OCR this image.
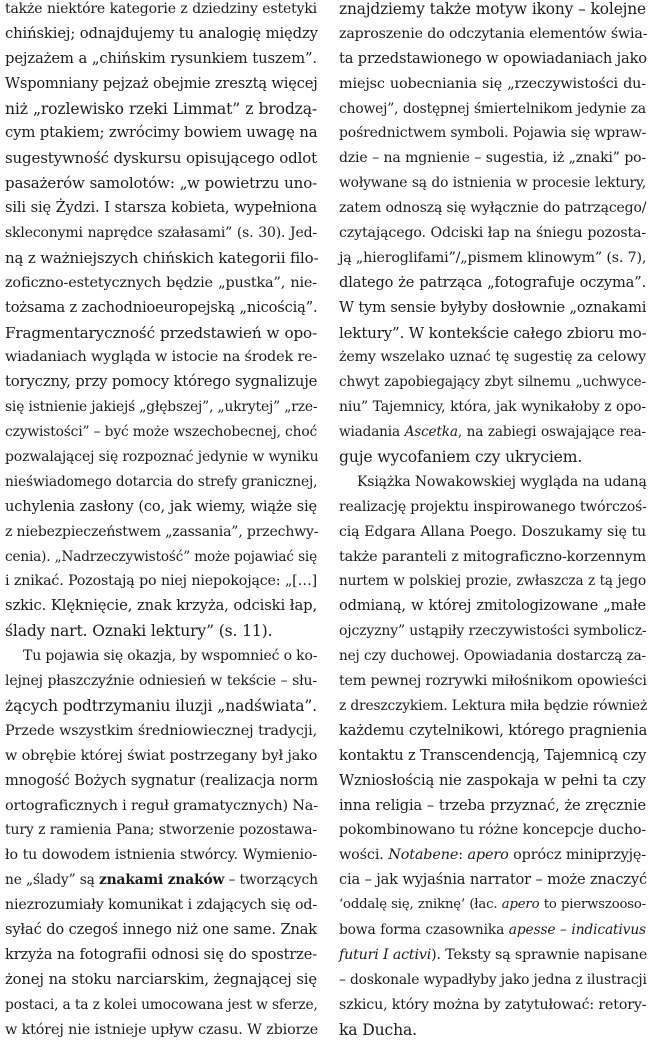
także niektóre kategorie z dziedziny estetyki
chińskiej; odnajdujemy tu analogię między
pejzażem a „chińskim rysunkiem tuszem”.
Wspomniany pejzaż obejmie zresztą więcej
niż „rozlewisko rzeki Limmat” z brodzą-
cym ptakiem; zwrócimy bowiem uwagę na
sugestywność dyskursu opisującego odlot
pasażerów samolotów: „w powietrzu uno-
sili się Żydzi. I starsza kobieta, wypełniona
skleconymi naprędce szałasami” (s. 30). Jed-
ną z ważniejszych chińskich kategorii filo-
zoficzno-estetycznych będzie „pustka”, nie-
tożsama z zachodnioeuropejską „nicością”.
Fragmentaryczność przedstawień w opo-
wiadaniach wygląda w istocie na środek re-
toryczny, przy pomocy którego sygnalizuje
się istnienie jakiejś „głębszej”, „ukrytej” „rze-
czywistości” – być może wszechobecnej, choć
pozwalającej się rozpoznać jedynie w wyniku
nieświadomego dotarcia do strefy granicznej,
uchylenia zasłony (co, jak wiemy, wiąże się
z niebezpieczeństwem „zassania”, przechwy-
cenia). „Nadrzeczywistość” może pojawiać się
i znikać. Pozostają po niej niepokojące: „[…]
szkic. Klęknięcie, znak krzyża, odciski łap,
ślady nart. Oznaki lektury” (s. 11).
Tu pojawia się okazja, by wspomnieć o ko-
lejnej płaszczyźnie odniesień w tekście – słu-
żących podtrzymaniu iluzji „nadświata”.
Przede wszystkim średniowiecznej tradycji,
w obrębie której świat postrzegany był jako
mnogość Bożych sygnatur (realizacja norm
ortograficznych i reguł gramatycznych) Na-
tury z ramienia Pana; stworzenie pozostawa-
ło tu dowodem istnienia stwórcy. Wymienio-
ne „ślady” są znakami znaków – tworzących
niezrozumiały komunikat i zdających się od-
syłać do czegoś innego niż one same. Znak
krzyża na fotografii odnosi się do spostrze-
żonej na stoku narciarskim, żegnającej się
postaci, a ta z kolei umocowana jest w sferze,
w której nie istnieje upływ czasu. W zbiorze
znajdziemy także motyw ikony – kolejne
zaproszenie do odczytania elementów świa-
ta przedstawionego w opowiadaniach jako
miejsc uobecniania się „rzeczywistości du-
chowej”, dostępnej śmiertelnikom jedynie za
pośrednictwem symboli. Pojawia się wpraw-
dzie – na mgnienie – sugestia, iż „znaki” po-
woływane są do istnienia w procesie lektury,
zatem odnoszą się wyłącznie do patrzącego/
czytającego. Odciski łap na śniegu pozosta-
ją „hieroglifami”/„pismem klinowym” (s. 7),
dlatego że patrząca „fotografuje oczyma”.
W tym sensie byłyby dosłownie „oznakami
lektury”. W kontekście całego zbioru mo-
żemy wszelako uznać tę sugestię za celowy
chwyt zapobiegający zbyt silnemu „uchwyce-
niu” Tajemnicy, która, jak wynikałoby z opo-
wiadania Ascetka, na zabiegi oswajające rea-
guje wycofaniem czy ukryciem.
Książka Nowakowskiej wygląda na udaną
realizację projektu inspirowanego twórczoś-
cią Edgara Allana Poego. Doszukamy się tu
także paranteli z mitograficzno-korzennym
nurtem w polskiej prozie, zwłaszcza z tą jego
odmianą, w której zmitologizowane „małe
ojczyzny” ustąpiły rzeczywistości symbolicz-
nej czy duchowej. Opowiadania dostarczą za-
tem pewnej rozrywki miłośnikom opowieści
z dreszczykiem. Lektura miła będzie również
każdemu czytelnikowi, którego pragnienia
kontaktu z Transcendencją, Tajemnicą czy
Wzniosłością nie zaspokaja w pełni ta czy
inna religia – trzeba przyznać, że zręcznie
pokombinowano tu różne koncepcje ducho-
wości. Notabene: apero oprócz miniprzyję-
cia – jak wyjaśnia narrator – może znaczyć
‘oddalę się, zniknę’ (łac. apero to pierwszooso-
bowa forma czasownika apesse – indicativus
futuri I activi). Teksty są sprawnie napisane
– doskonale wypadłyby jako jedna z ilustracji
szkicu, który można by zatytułować: retory-
ka Ducha.
